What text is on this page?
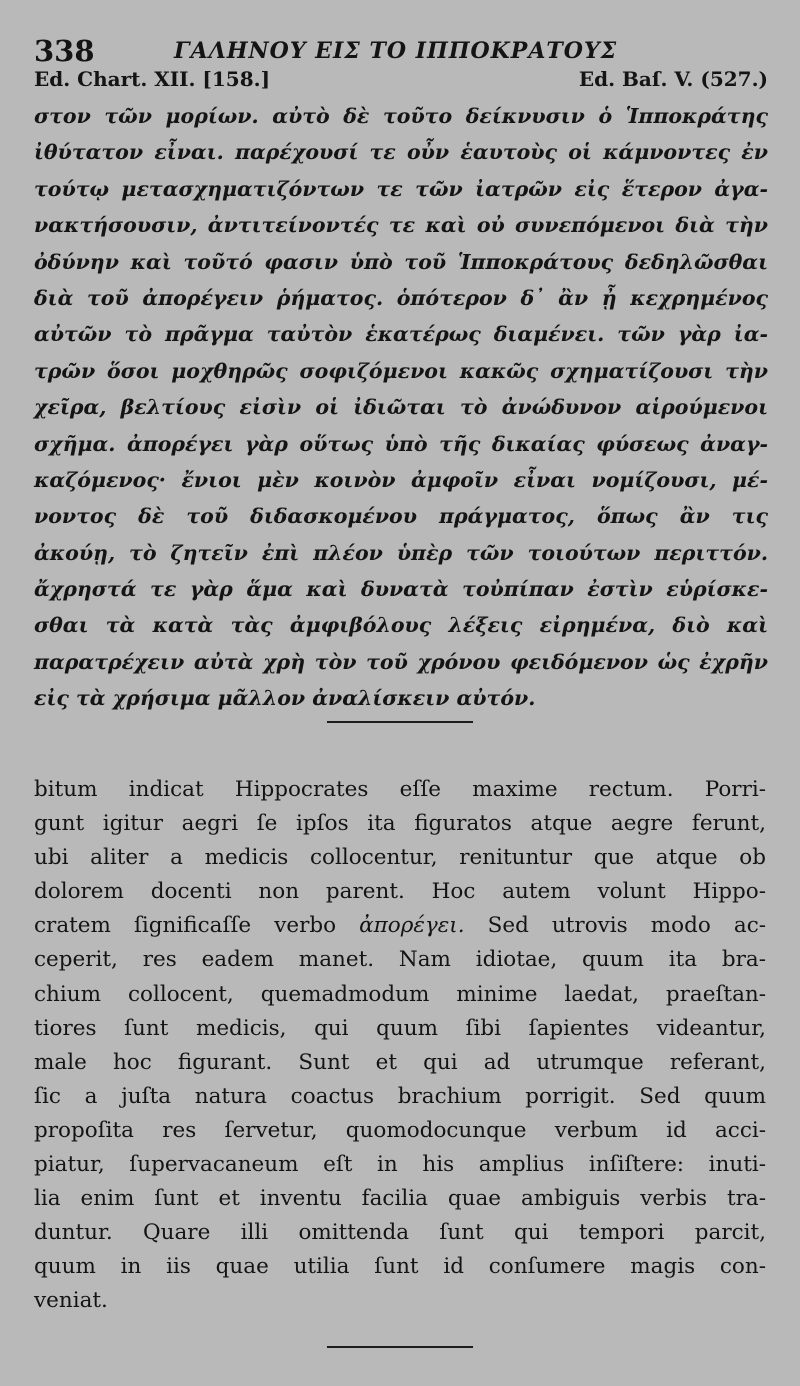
338	ΓΑΛΗΝΟΥ ΕΙΣ ΤΟ ΙΠΠΟΚΡΑΤΟΥΣ
Ed. Chart. XII. [158.]	Ed. Baſ. V. (527.)
στον τῶν μορίων. αὐτὸ δὲ τοῦτο δείκνυσιν ὁ Ἱπποκράτης
ἰθύτατον εἶναι. παρέχουσί τε οὖν ἑαυτοὺς οἱ κάμνοντες ἐν
τούτῳ μετασχηματιζόντων τε τῶν ἰατρῶν εἰς ἕτερον ἀγα-
νακτήσουσιν, ἀντιτείνοντές τε καὶ οὐ συνεπόμενοι διὰ τὴν
ὀδύνην καὶ τοῦτό φασιν ὑπὸ τοῦ Ἱπποκράτους δεδηλῶσθαι
διὰ τοῦ ἀπορέγειν ῥήματος. ὁπότερον δ᾽ ἂν ᾖ κεχρημένος
αὐτῶν τὸ πρᾶγμα ταὐτὸν ἑκατέρως διαμένει. τῶν γὰρ ἰα-
τρῶν ὅσοι μοχθηρῶς σοφιζόμενοι κακῶς σχηματίζουσι τὴν
χεῖρα, βελτίους εἰσὶν οἱ ἰδιῶται τὸ ἀνώδυνον αἱρούμενοι
σχῆμα. ἀπορέγει γὰρ οὕτως ὑπὸ τῆς δικαίας φύσεως ἀναγ-
καζόμενος· ἔνιοι μὲν κοινὸν ἀμφοῖν εἶναι νομίζουσι, μέ-
νοντος δὲ τοῦ διδασκομένου πράγματος, ὅπως ἂν τις
ἀκούῃ, τὸ ζητεῖν ἐπὶ πλέον ὑπὲρ τῶν τοιούτων περιττόν.
ἄχρηστά τε γὰρ ἅμα καὶ δυνατὰ τοὐπίπαν ἐστὶν εὑρίσκε-
σθαι τὰ κατὰ τὰς ἀμφιβόλους λέξεις εἰρημένα, διὸ καὶ
παρατρέχειν αὐτὰ χρὴ τὸν τοῦ χρόνου φειδόμενον ὡς ἐχρῆν
εἰς τὰ χρήσιμα μᾶλλον ἀναλίσκειν αὐτόν.
bitum indicat Hippocrates eſſe maxime rectum. Porri-
gunt igitur aegri ſe ipſos ita figuratos atque aegre ferunt,
ubi aliter a medicis collocentur, renituntur que atque ob
dolorem docenti non parent. Hoc autem volunt Hippo-
cratem ſignificaſſe verbo ἀπορέγει. Sed utrovis modo ac-
ceperit, res eadem manet. Nam idiotae, quum ita bra-
chium collocent, quemadmodum minime laedat, praeſtan-
tiores ſunt medicis, qui quum ſibi ſapientes videantur,
male hoc figurant. Sunt et qui ad utrumque referant,
ſic a juſta natura coactus brachium porrigit. Sed quum
propoſita res ſervetur, quomodocunque verbum id acci-
piatur, ſupervacaneum eſt in his amplius inſiſtere: inuti-
lia enim ſunt et inventu facilia quae ambiguis verbis tra-
duntur. Quare illi omittenda ſunt qui tempori parcit,
quum in iis quae utilia ſunt id conſumere magis con-
veniat.
